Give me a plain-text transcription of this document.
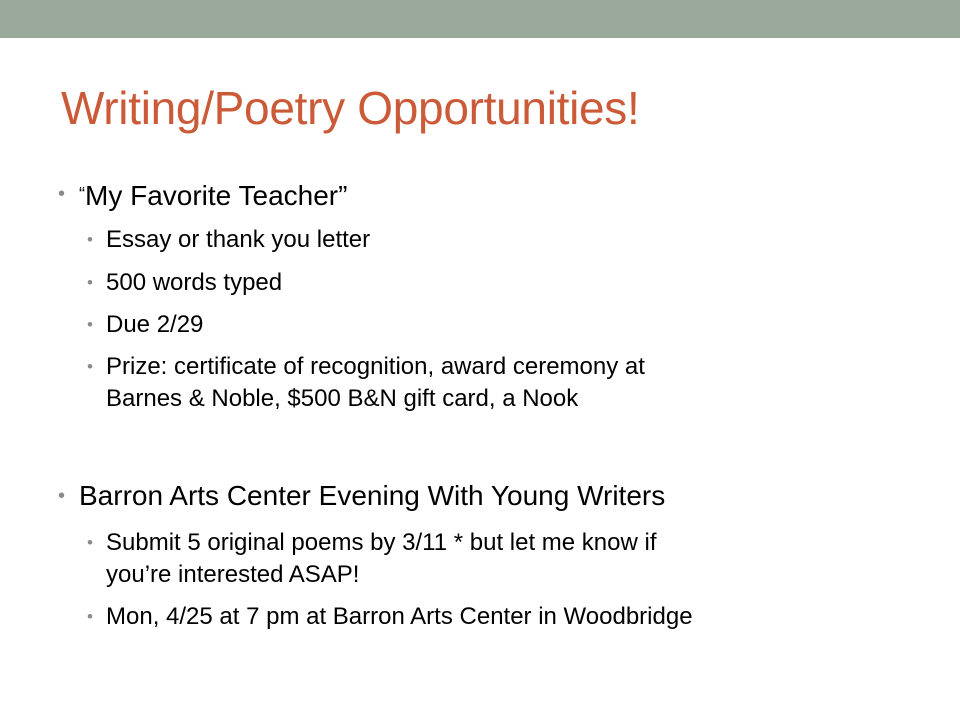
Writing/Poetry Opportunities!
• “My Favorite Teacher”
• Essay or thank you letter
• 500 words typed
• Due 2/29
• Prize: certificate of recognition, award ceremony at
Barnes & Noble, $500 B&N gift card, a Nook
• Barron Arts Center Evening With Young Writers
• Submit 5 original poems by 3/11 * but let me know if
you’re interested ASAP!
• Mon, 4/25 at 7 pm at Barron Arts Center in Woodbridge
